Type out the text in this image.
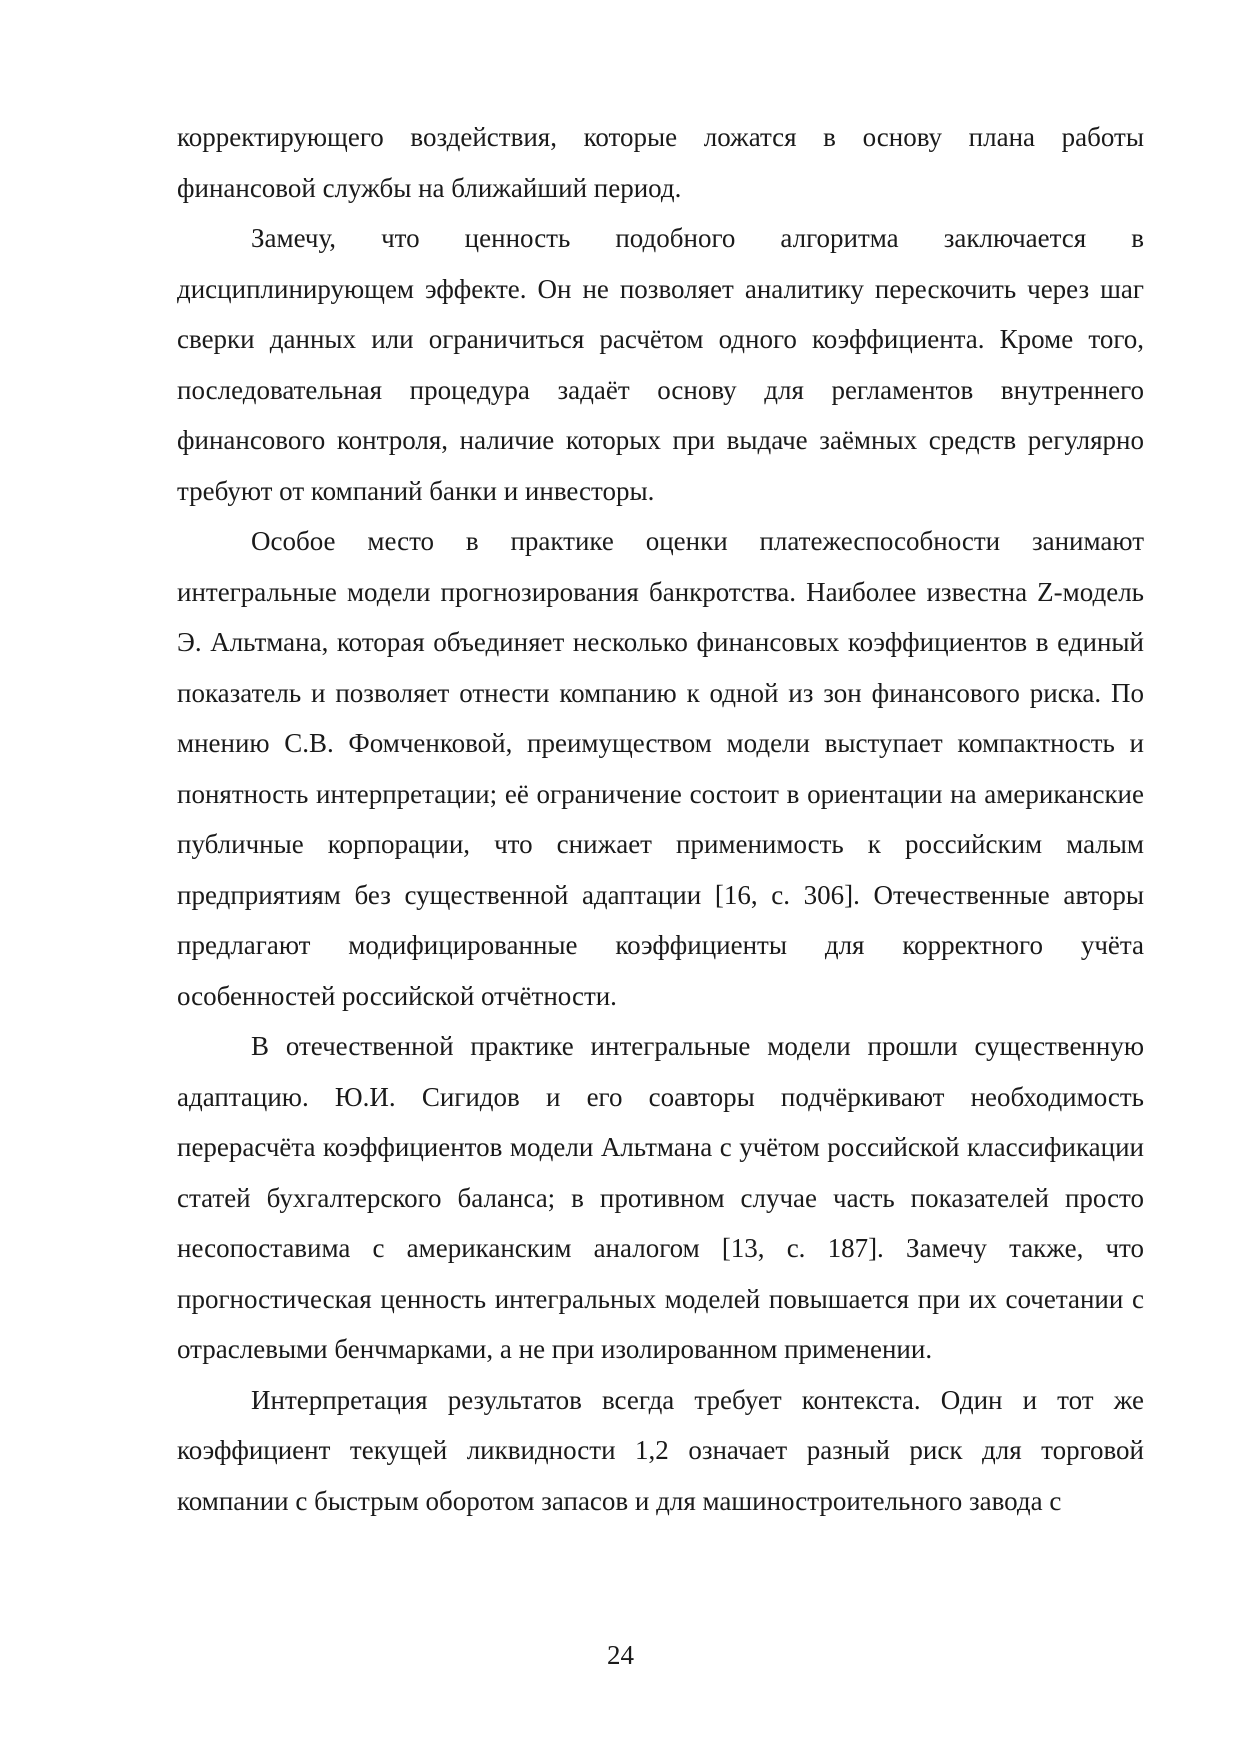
корректирующего воздействия, которые ложатся в основу плана работы финансовой службы на ближайший период.

Замечу, что ценность подобного алгоритма заключается в дисциплинирующем эффекте. Он не позволяет аналитику перескочить через шаг сверки данных или ограничиться расчётом одного коэффициента. Кроме того, последовательная процедура задаёт основу для регламентов внутреннего финансового контроля, наличие которых при выдаче заёмных средств регулярно требуют от компаний банки и инвесторы.

Особое место в практике оценки платежеспособности занимают интегральные модели прогнозирования банкротства. Наиболее известна Z-модель Э. Альтмана, которая объединяет несколько финансовых коэффициентов в единый показатель и позволяет отнести компанию к одной из зон финансового риска. По мнению С.В. Фомченковой, преимуществом модели выступает компактность и понятность интерпретации; её ограничение состоит в ориентации на американские публичные корпорации, что снижает применимость к российским малым предприятиям без существенной адаптации [16, с. 306]. Отечественные авторы предлагают модифицированные коэффициенты для корректного учёта особенностей российской отчётности.

В отечественной практике интегральные модели прошли существенную адаптацию. Ю.И. Сигидов и его соавторы подчёркивают необходимость перерасчёта коэффициентов модели Альтмана с учётом российской классификации статей бухгалтерского баланса; в противном случае часть показателей просто несопоставима с американским аналогом [13, с. 187]. Замечу также, что прогностическая ценность интегральных моделей повышается при их сочетании с отраслевыми бенчмарками, а не при изолированном применении.

Интерпретация результатов всегда требует контекста. Один и тот же коэффициент текущей ликвидности 1,2 означает разный риск для торговой компании с быстрым оборотом запасов и для машиностроительного завода с

24
